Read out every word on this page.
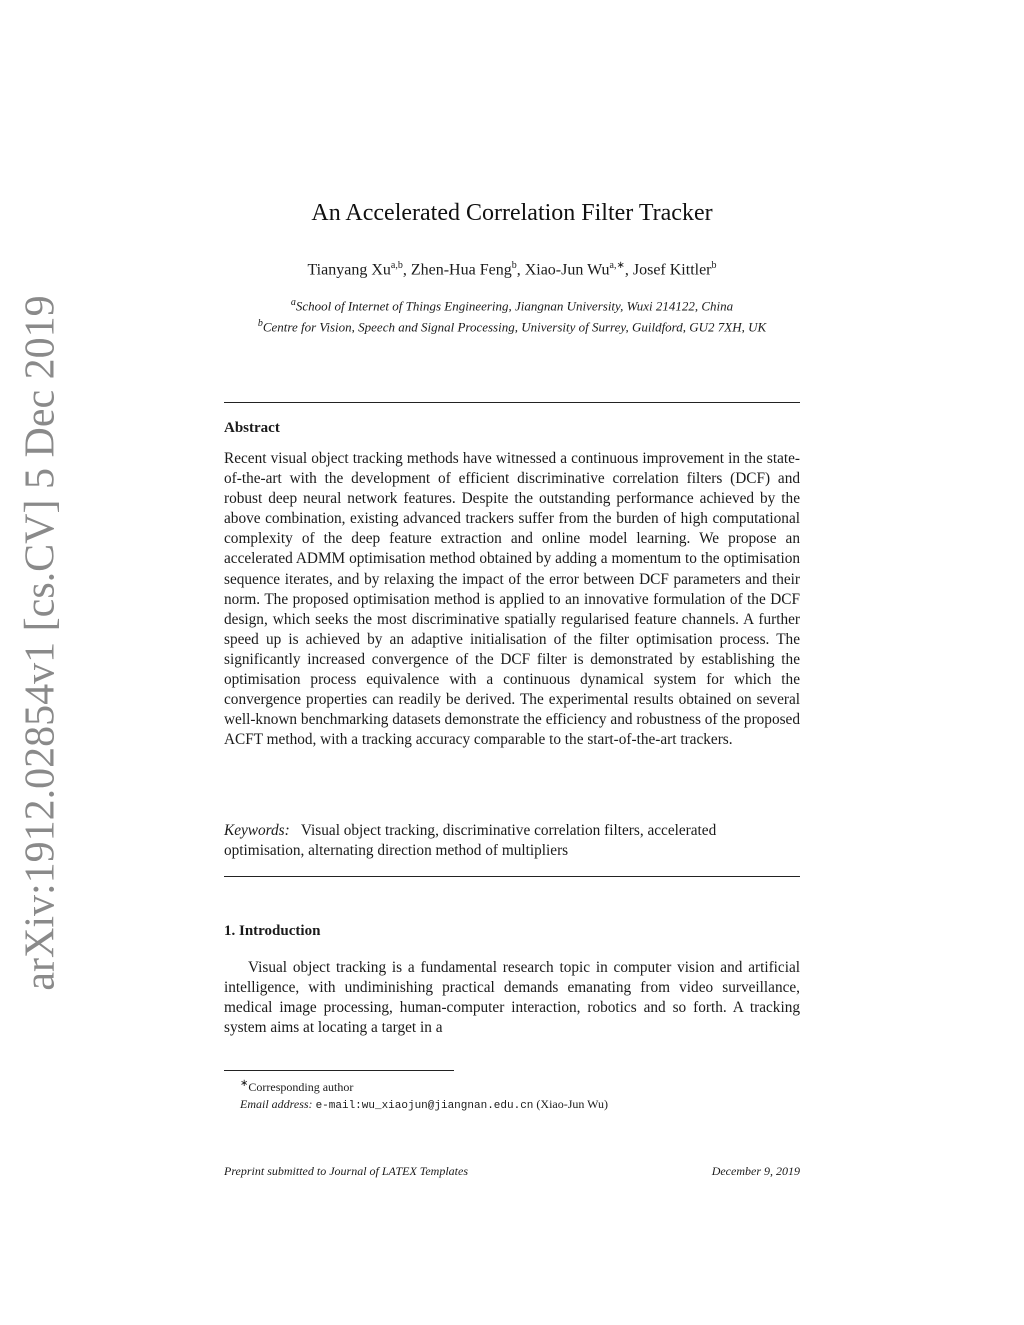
arXiv:1912.02854v1 [cs.CV] 5 Dec 2019
An Accelerated Correlation Filter Tracker
Tianyang Xu$^{a,b}$, Zhen-Hua Feng$^b$, Xiao-Jun $Wu^{a,∗}$, Josef Kittler$^b$
$^a$School of Internet of Things Engineering, Jiangnan University, Wuxi 214122, China
$^b$Centre for Vision, Speech and Signal Processing, University of Surrey, Guildford, GU2 7XH, UK
Abstract

Recent visual object tracking methods have witnessed a continuous improvement in the state-of-the-art with the development of efficient discriminative correlation filters (DCF) and robust deep neural network features. Despite the outstanding performance achieved by the above combination, existing advanced trackers suffer from the burden of high computational complexity of the deep feature extraction and online model learning. We propose an accelerated ADMM optimisation method obtained by adding a momentum to the optimisation sequence iterates, and by relaxing the impact of the error between DCF parameters and their norm. The proposed optimisation method is applied to an innovative formulation of the DCF design, which seeks the most discriminative spatially regularised feature channels. A further speed up is achieved by an adaptive initialisation of the filter optimisation process. The significantly increased convergence of the DCF filter is demonstrated by establishing the optimisation process equivalence with a continuous dynamical system for which the convergence properties can readily be derived. The experimental results obtained on several well-known benchmarking datasets demonstrate the efficiency and robustness of the proposed ACFT method, with a tracking accuracy comparable to the start-of-the-art trackers.

Keywords: Visual object tracking, discriminative correlation filters, accelerated optimisation, alternating direction method of multipliers

1. Introduction

Visual object tracking is a fundamental research topic in computer vision and artificial intelligence, with undiminishing practical demands emanating from video surveillance, medical image processing, human-computer interaction, robotics and so forth. A tracking system aims at locating a target in a

∗Corresponding author
Email address: e-mail:wu_xiaojun@jiangnan.edu.cn (Xiao-Jun Wu)
Preprint submitted to Journal of LATEX Templates	December 9, 2019
